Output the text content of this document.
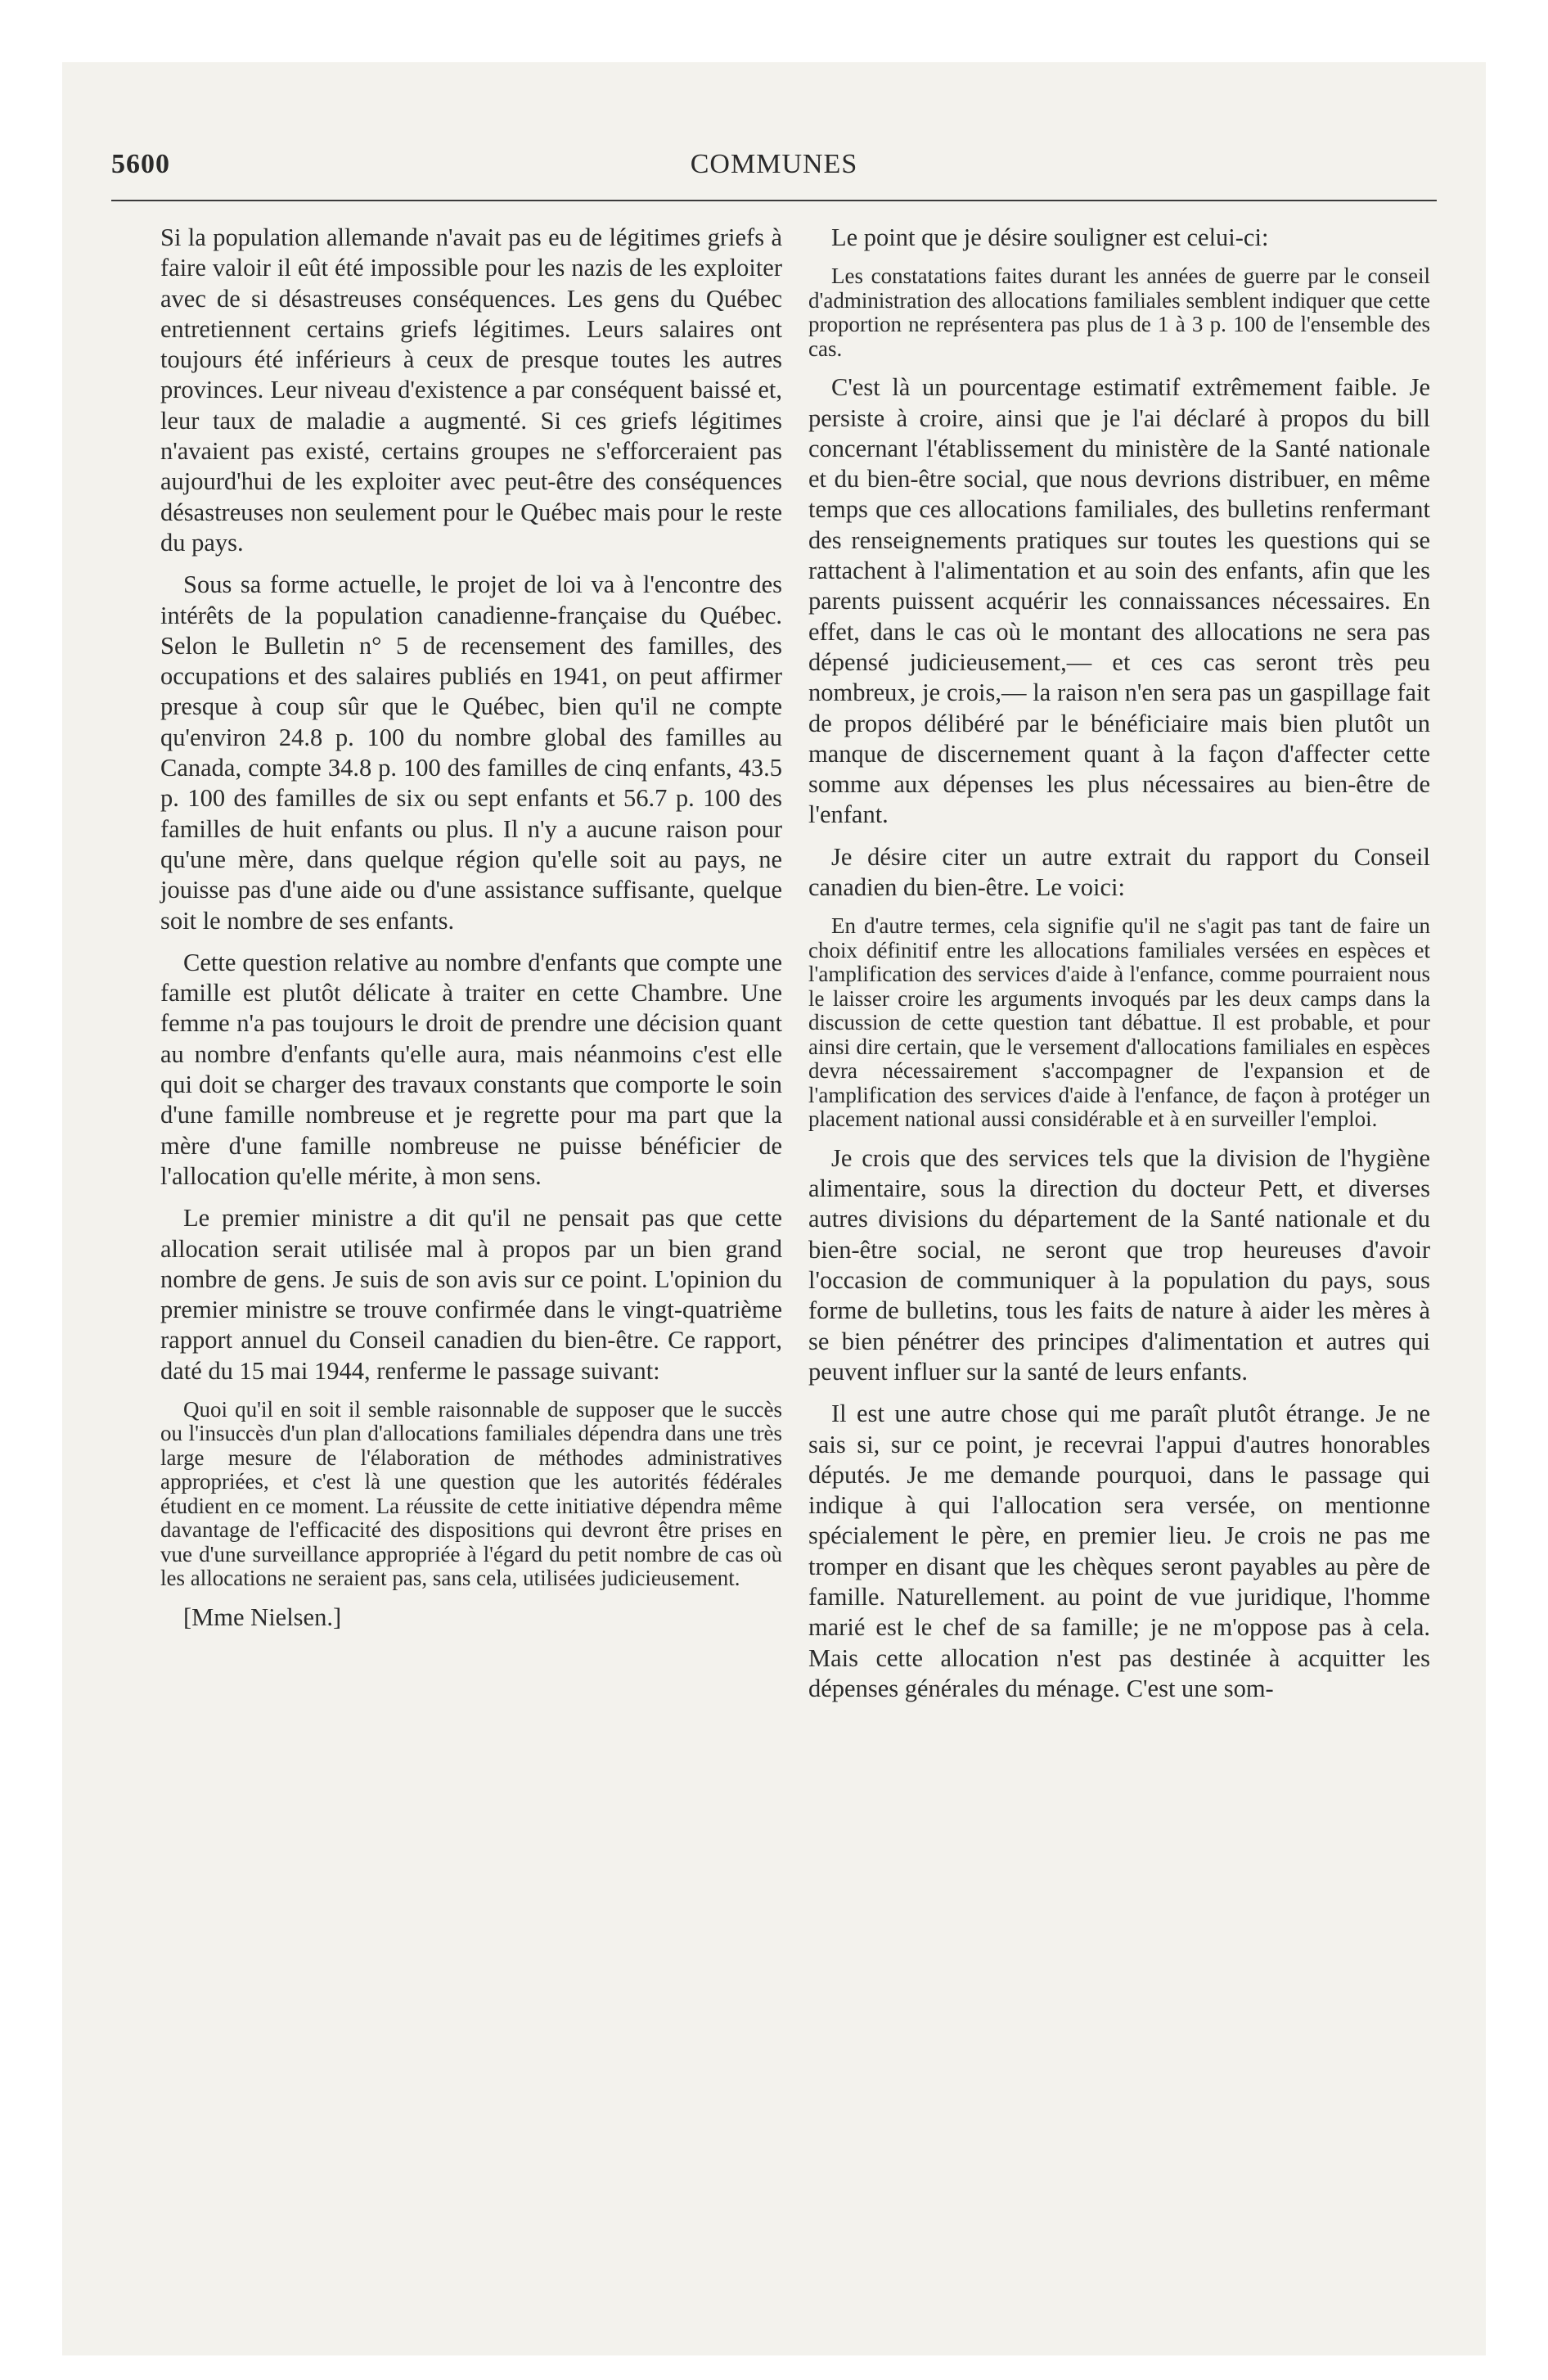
5600	COMMUNES

Si la population allemande n'avait pas eu de légitimes griefs à faire valoir il eût été impossible pour les nazis de les exploiter avec de si désastreuses conséquences. Les gens du Québec entretiennent certains griefs légitimes. Leurs salaires ont toujours été inférieurs à ceux de presque toutes les autres provinces. Leur niveau d'existence a par conséquent baissé et, leur taux de maladie a augmenté. Si ces griefs légitimes n'avaient pas existé, certains groupes ne s'efforceraient pas aujourd'hui de les exploiter avec peut-être des conséquences désastreuses non seulement pour le Québec mais pour le reste du pays.

Sous sa forme actuelle, le projet de loi va à l'encontre des intérêts de la population canadienne-française du Québec. Selon le Bulletin n° 5 de recensement des familles, des occupations et des salaires publiés en 1941, on peut affirmer presque à coup sûr que le Québec, bien qu'il ne compte qu'environ 24.8 p. 100 du nombre global des familles au Canada, compte 34.8 p. 100 des familles de cinq enfants, 43.5 p. 100 des familles de six ou sept enfants et 56.7 p. 100 des familles de huit enfants ou plus. Il n'y a aucune raison pour qu'une mère, dans quelque région qu'elle soit au pays, ne jouisse pas d'une aide ou d'une assistance suffisante, quelque soit le nombre de ses enfants.

Cette question relative au nombre d'enfants que compte une famille est plutôt délicate à traiter en cette Chambre. Une femme n'a pas toujours le droit de prendre une décision quant au nombre d'enfants qu'elle aura, mais néanmoins c'est elle qui doit se charger des travaux constants que comporte le soin d'une famille nombreuse et je regrette pour ma part que la mère d'une famille nombreuse ne puisse bénéficier de l'allocation qu'elle mérite, à mon sens.

Le premier ministre a dit qu'il ne pensait pas que cette allocation serait utilisée mal à propos par un bien grand nombre de gens. Je suis de son avis sur ce point. L'opinion du premier ministre se trouve confirmée dans le vingt-quatrième rapport annuel du Conseil canadien du bien-être. Ce rapport, daté du 15 mai 1944, renferme le passage suivant:

Quoi qu'il en soit il semble raisonnable de supposer que le succès ou l'insuccès d'un plan d'allocations familiales dépendra dans une très large mesure de l'élaboration de méthodes administratives appropriées, et c'est là une question que les autorités fédérales étudient en ce moment. La réussite de cette initiative dépendra même davantage de l'efficacité des dispositions qui devront être prises en vue d'une surveillance appropriée à l'égard du petit nombre de cas où les allocations ne seraient pas, sans cela, utilisées judicieusement.

[Mme Nielsen.]

Le point que je désire souligner est celui-ci:

Les constatations faites durant les années de guerre par le conseil d'administration des allocations familiales semblent indiquer que cette proportion ne représentera pas plus de 1 à 3 p. 100 de l'ensemble des cas.

C'est là un pourcentage estimatif extrêmement faible. Je persiste à croire, ainsi que je l'ai déclaré à propos du bill concernant l'établissement du ministère de la Santé nationale et du bien-être social, que nous devrions distribuer, en même temps que ces allocations familiales, des bulletins renfermant des renseignements pratiques sur toutes les questions qui se rattachent à l'alimentation et au soin des enfants, afin que les parents puissent acquérir les connaissances nécessaires. En effet, dans le cas où le montant des allocations ne sera pas dépensé judicieusement,— et ces cas seront très peu nombreux, je crois,— la raison n'en sera pas un gaspillage fait de propos délibéré par le bénéficiaire mais bien plutôt un manque de discernement quant à la façon d'affecter cette somme aux dépenses les plus nécessaires au bien-être de l'enfant.

Je désire citer un autre extrait du rapport du Conseil canadien du bien-être. Le voici:

En d'autre termes, cela signifie qu'il ne s'agit pas tant de faire un choix définitif entre les allocations familiales versées en espèces et l'amplification des services d'aide à l'enfance, comme pourraient nous le laisser croire les arguments invoqués par les deux camps dans la discussion de cette question tant débattue. Il est probable, et pour ainsi dire certain, que le versement d'allocations familiales en espèces devra nécessairement s'accompagner de l'expansion et de l'amplification des services d'aide à l'enfance, de façon à protéger un placement national aussi considérable et à en surveiller l'emploi.

Je crois que des services tels que la division de l'hygiène alimentaire, sous la direction du docteur Pett, et diverses autres divisions du département de la Santé nationale et du bien-être social, ne seront que trop heureuses d'avoir l'occasion de communiquer à la population du pays, sous forme de bulletins, tous les faits de nature à aider les mères à se bien pénétrer des principes d'alimentation et autres qui peuvent influer sur la santé de leurs enfants.

Il est une autre chose qui me paraît plutôt étrange. Je ne sais si, sur ce point, je recevrai l'appui d'autres honorables députés. Je me demande pourquoi, dans le passage qui indique à qui l'allocation sera versée, on mentionne spécialement le père, en premier lieu. Je crois ne pas me tromper en disant que les chèques seront payables au père de famille. Naturellement. au point de vue juridique, l'homme marié est le chef de sa famille; je ne m'oppose pas à cela. Mais cette allocation n'est pas destinée à acquitter les dépenses générales du ménage. C'est une som-
